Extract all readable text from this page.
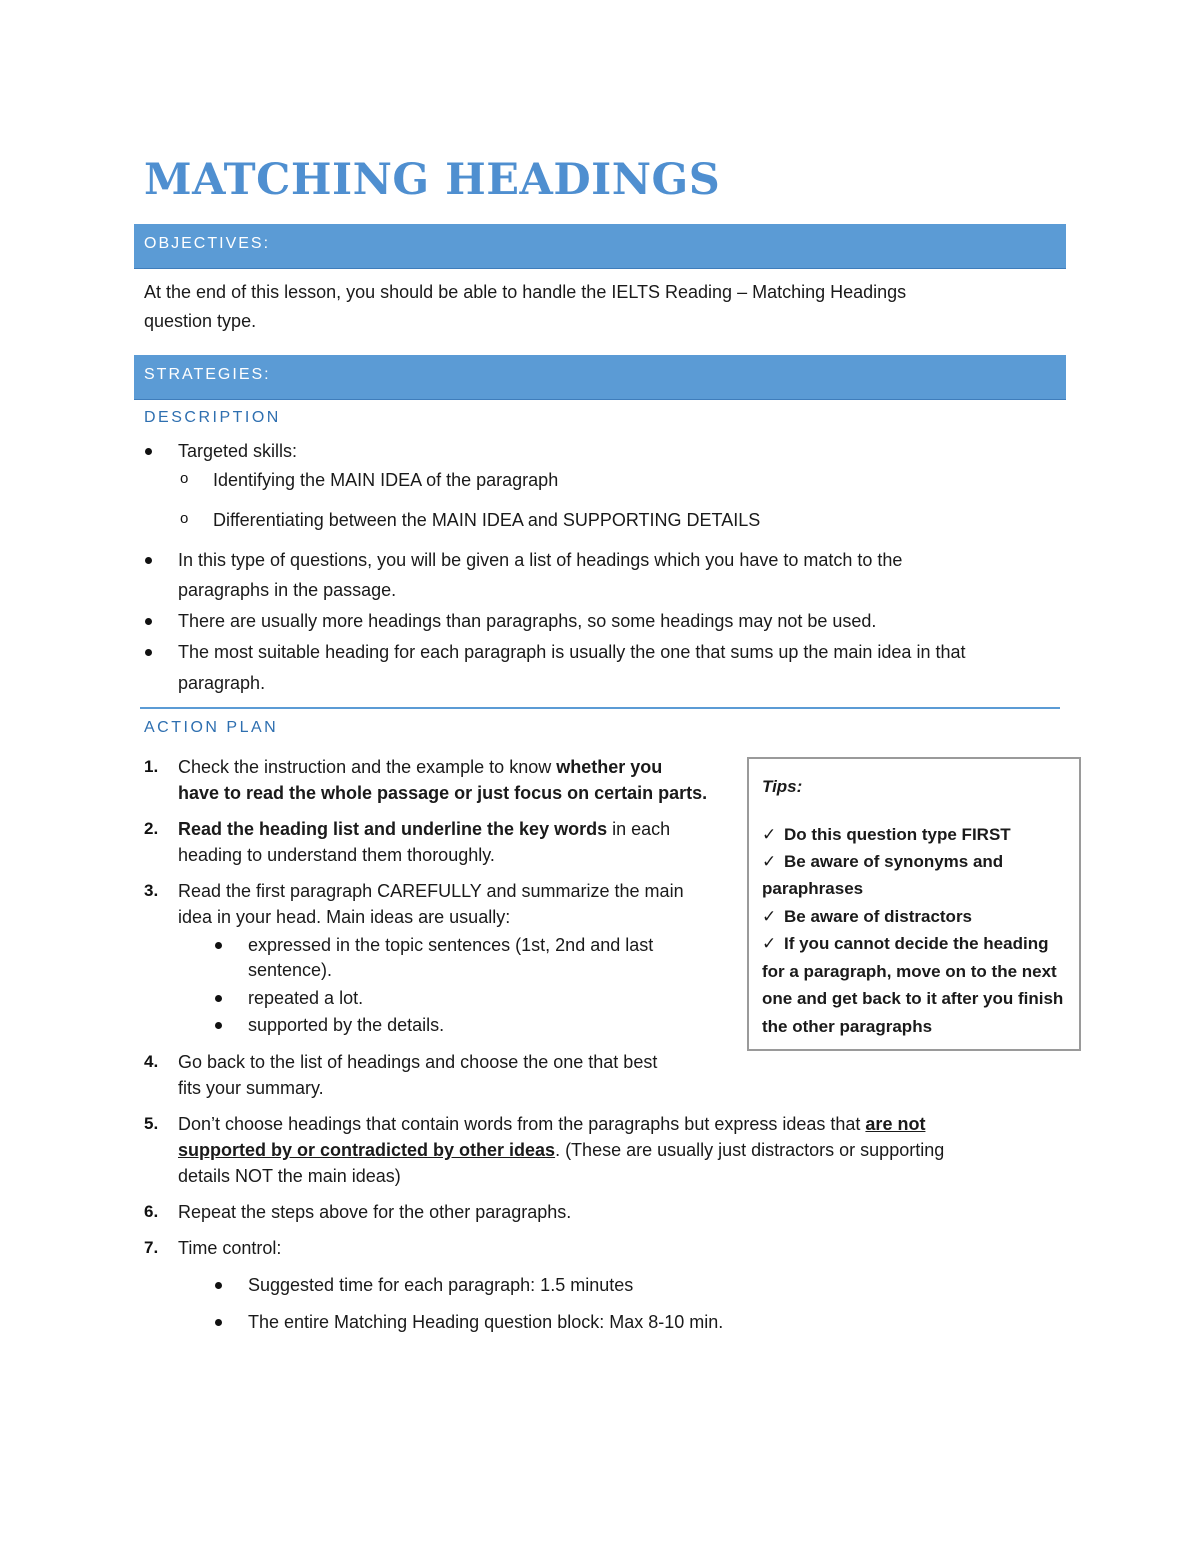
MATCHING HEADINGS
OBJECTIVES:

At the end of this lesson, you should be able to handle the IELTS Reading – Matching Headings

question type.

STRATEGIES:

DESCRIPTION

Targeted skills:
o Identifying the MAIN IDEA of the paragraph
o Differentiating between the MAIN IDEA and SUPPORTING DETAILS
In this type of questions, you will be given a list of headings which you have to match to the
paragraphs in the passage.
There are usually more headings than paragraphs, so some headings may not be used.
The most suitable heading for each paragraph is usually the one that sums up the main idea in that
paragraph.

ACTION PLAN

1. Check the instruction and the example to know whether you
have to read the whole passage or just focus on certain parts.
2. Read the heading list and underline the key words in each
heading to understand them thoroughly.
3. Read the first paragraph CAREFULLY and summarize the main
idea in your head. Main ideas are usually:
expressed in the topic sentences (1st, 2nd and last
sentence).
repeated a lot.
supported by the details.
4. Go back to the list of headings and choose the one that best
fits your summary.
5. Don’t choose headings that contain words from the paragraphs but express ideas that are not
supported by or contradicted by other ideas. (These are usually just distractors or supporting
details NOT the main ideas)
6. Repeat the steps above for the other paragraphs.
7. Time control:
Suggested time for each paragraph: 1.5 minutes
The entire Matching Heading question block: Max 8-10 min.
Tips:
✓ Do this question type FIRST
✓ Be aware of synonyms and
paraphrases
✓ Be aware of distractors
✓ If you cannot decide the heading
for a paragraph, move on to the next
one and get back to it after you finish
the other paragraphs
